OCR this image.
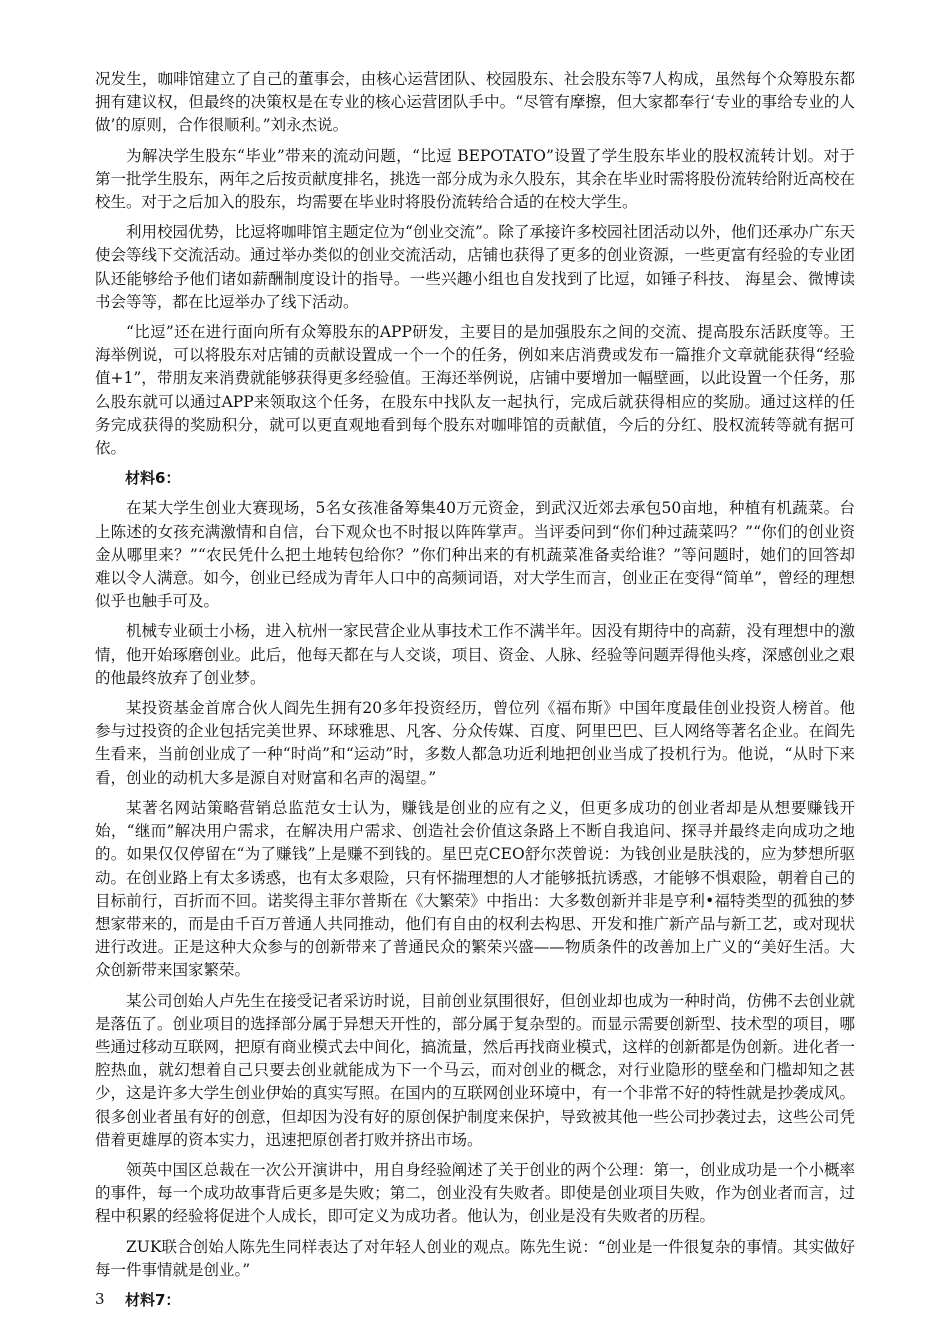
况发生，咖啡馆建立了自己的董事会，由核心运营团队、校园股东、社会股东等7人构成，虽然每个众筹股东都拥有建议权，但最终的决策权是在专业的核心运营团队手中。“尽管有摩擦，但大家都奉行‘专业的事给专业的人做’的原则，合作很顺利。”刘永杰说。

为解决学生股东“毕业”带来的流动问题，“比逗 BEPOTATO”设置了学生股东毕业的股权流转计划。对于第一批学生股东，两年之后按贡献度排名，挑选一部分成为永久股东，其余在毕业时需将股份流转给附近高校在校生。对于之后加入的股东，均需要在毕业时将股份流转给合适的在校大学生。

利用校园优势，比逗将咖啡馆主题定位为“创业交流”。除了承接许多校园社团活动以外，他们还承办广东天使会等线下交流活动。通过举办类似的创业交流活动，店铺也获得了更多的创业资源，一些更富有经验的专业团队还能够给予他们诸如薪酬制度设计的指导。一些兴趣小组也自发找到了比逗，如锤子科技、 海星会、微博读书会等等，都在比逗举办了线下活动。

“比逗”还在进行面向所有众筹股东的APP研发，主要目的是加强股东之间的交流、提高股东活跃度等。王海举例说，可以将股东对店铺的贡献设置成一个一个的任务，例如来店消费或发布一篇推介文章就能获得“经验值+1”，带朋友来消费就能够获得更多经验值。王海还举例说，店铺中要增加一幅壁画，以此设置一个任务，那么股东就可以通过APP来领取这个任务，在股东中找队友一起执行，完成后就获得相应的奖励。通过这样的任务完成获得的奖励积分，就可以更直观地看到每个股东对咖啡馆的贡献值，今后的分红、股权流转等就有据可依。

材料6：

在某大学生创业大赛现场，5名女孩准备筹集40万元资金，到武汉近郊去承包50亩地，种植有机蔬菜。台上陈述的女孩充满激情和自信，台下观众也不时报以阵阵掌声。当评委问到“你们种过蔬菜吗？”“你们的创业资金从哪里来？”“农民凭什么把土地转包给你？”你们种出来的有机蔬菜准备卖给谁？”等问题时，她们的回答却难以令人满意。如今，创业已经成为青年人口中的高频词语，对大学生而言，创业正在变得“简单”，曾经的理想似乎也触手可及。

机械专业硕士小杨，进入杭州一家民营企业从事技术工作不满半年。因没有期待中的高薪，没有理想中的激情，他开始琢磨创业。此后，他每天都在与人交谈，项目、资金、人脉、经验等问题弄得他头疼，深感创业之艰的他最终放弃了创业梦。

某投资基金首席合伙人阎先生拥有20多年投资经历，曾位列《福布斯》中国年度最佳创业投资人榜首。他参与过投资的企业包括完美世界、环球雅思、凡客、分众传媒、百度、阿里巴巴、巨人网络等著名企业。在阎先生看来，当前创业成了一种“时尚”和“运动”时，多数人都急功近利地把创业当成了投机行为。他说，“从时下来看，创业的动机大多是源自对财富和名声的渴望。”

某著名网站策略营销总监范女士认为，赚钱是创业的应有之义，但更多成功的创业者却是从想要赚钱开始，“继而”解决用户需求，在解决用户需求、创造社会价值这条路上不断自我追问、探寻并最终走向成功之地的。如果仅仅停留在“为了赚钱”上是赚不到钱的。星巴克CEO舒尔茨曾说：为钱创业是肤浅的，应为梦想所驱动。在创业路上有太多诱惑，也有太多艰险，只有怀揣理想的人才能够抵抗诱惑，才能够不惧艰险，朝着自己的目标前行，百折而不回。诺奖得主菲尔普斯在《大繁荣》中指出：大多数创新并非是亨利•福特类型的孤独的梦想家带来的，而是由千百万普通人共同推动，他们有自由的权利去构思、开发和推广新产品与新工艺，或对现状进行改进。正是这种大众参与的创新带来了普通民众的繁荣兴盛——物质条件的改善加上广义的“美好生活。大众创新带来国家繁荣。

某公司创始人卢先生在接受记者采访时说，目前创业氛围很好，但创业却也成为一种时尚，仿佛不去创业就是落伍了。创业项目的选择部分属于异想天开性的，部分属于复杂型的。而显示需要创新型、技术型的项目，哪些通过移动互联网，把原有商业模式去中间化，搞流量，然后再找商业模式，这样的创新都是伪创新。进化者一腔热血，就幻想着自己只要去创业就能成为下一个马云，而对创业的概念，对行业隐形的壁垒和门槛却知之甚少，这是许多大学生创业伊始的真实写照。在国内的互联网创业环境中，有一个非常不好的特性就是抄袭成风。很多创业者虽有好的创意，但却因为没有好的原创保护制度来保护，导致被其他一些公司抄袭过去，这些公司凭借着更雄厚的资本实力，迅速把原创者打败并挤出市场。

领英中国区总裁在一次公开演讲中，用自身经验阐述了关于创业的两个公理：第一，创业成功是一个小概率的事件，每一个成功故事背后更多是失败；第二，创业没有失败者。即使是创业项目失败，作为创业者而言，过程中积累的经验将促进个人成长，即可定义为成功者。他认为，创业是没有失败者的历程。

ZUK联合创始人陈先生同样表达了对年轻人创业的观点。陈先生说：“创业是一件很复杂的事情。其实做好每一件事情就是创业。”

材料7：

3
